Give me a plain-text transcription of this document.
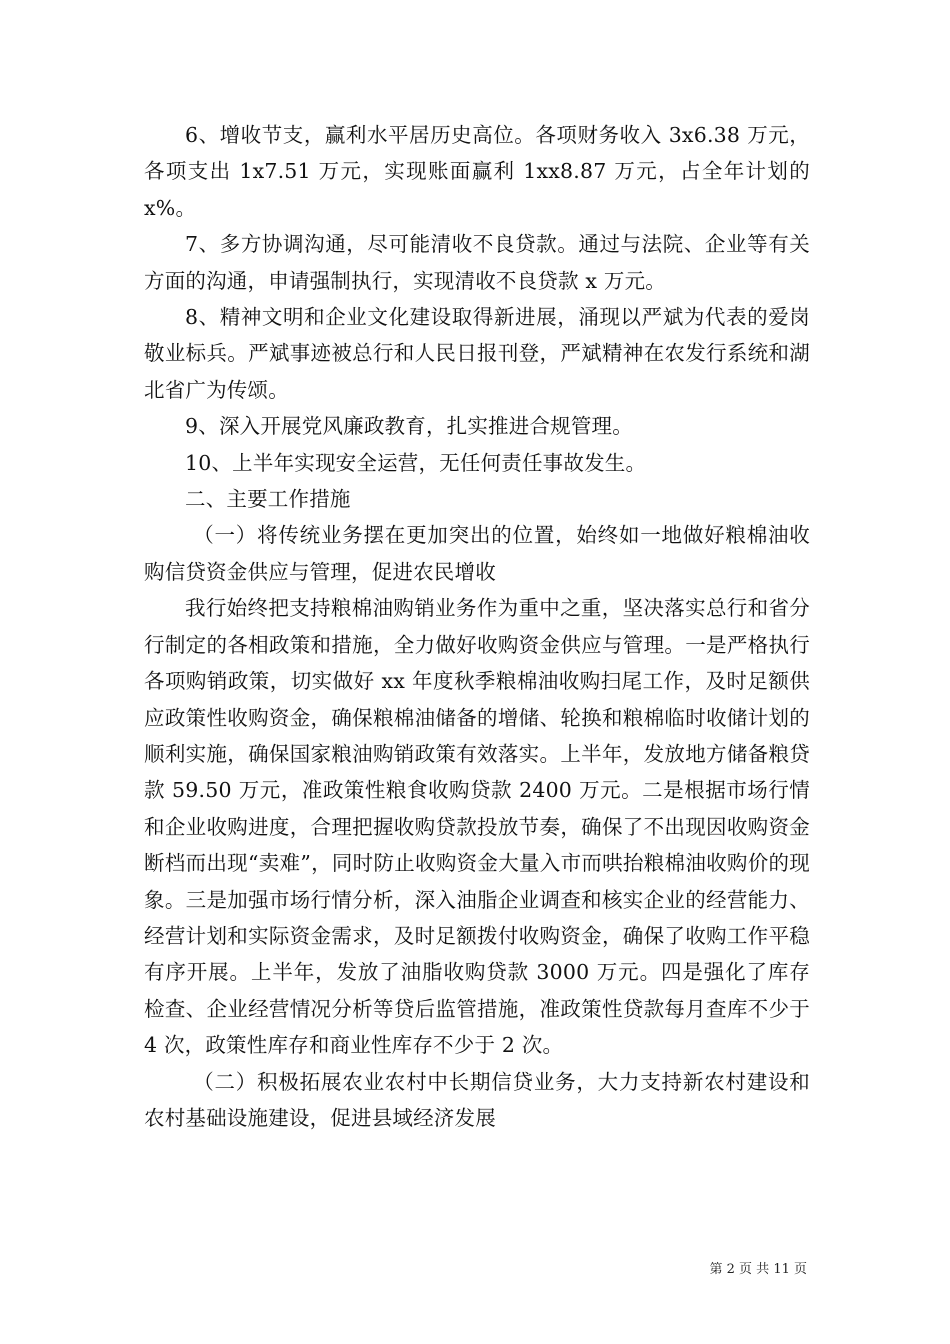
6、增收节支，赢利水平居历史高位。各项财务收入 3x6.38 万元，各项支出 1x7.51 万元，实现账面赢利 1xx8.87 万元，占全年计划的 x%。

7、多方协调沟通，尽可能清收不良贷款。通过与法院、企业等有关方面的沟通，申请强制执行，实现清收不良贷款 x 万元。

8、精神文明和企业文化建设取得新进展，涌现以严斌为代表的爱岗敬业标兵。严斌事迹被总行和人民日报刊登，严斌精神在农发行系统和湖北省广为传颂。

9、深入开展党风廉政教育，扎实推进合规管理。

10、上半年实现安全运营，无任何责任事故发生。

二、主要工作措施

（一）将传统业务摆在更加突出的位置，始终如一地做好粮棉油收购信贷资金供应与管理，促进农民增收

我行始终把支持粮棉油购销业务作为重中之重，坚决落实总行和省分行制定的各相政策和措施，全力做好收购资金供应与管理。一是严格执行各项购销政策，切实做好 xx 年度秋季粮棉油收购扫尾工作，及时足额供应政策性收购资金，确保粮棉油储备的增储、轮换和粮棉临时收储计划的顺利实施，确保国家粮油购销政策有效落实。上半年，发放地方储备粮贷款 59.50 万元，准政策性粮食收购贷款 2400 万元。二是根据市场行情和企业收购进度，合理把握收购贷款投放节奏，确保了不出现因收购资金断档而出现“卖难”，同时防止收购资金大量入市而哄抬粮棉油收购价的现象。三是加强市场行情分析，深入油脂企业调查和核实企业的经营能力、经营计划和实际资金需求，及时足额拨付收购资金，确保了收购工作平稳有序开展。上半年，发放了油脂收购贷款 3000 万元。四是强化了库存检查、企业经营情况分析等贷后监管措施，准政策性贷款每月查库不少于 4 次，政策性库存和商业性库存不少于 2 次。

（二）积极拓展农业农村中长期信贷业务，大力支持新农村建设和农村基础设施建设，促进县域经济发展

第 2 页 共 11 页
